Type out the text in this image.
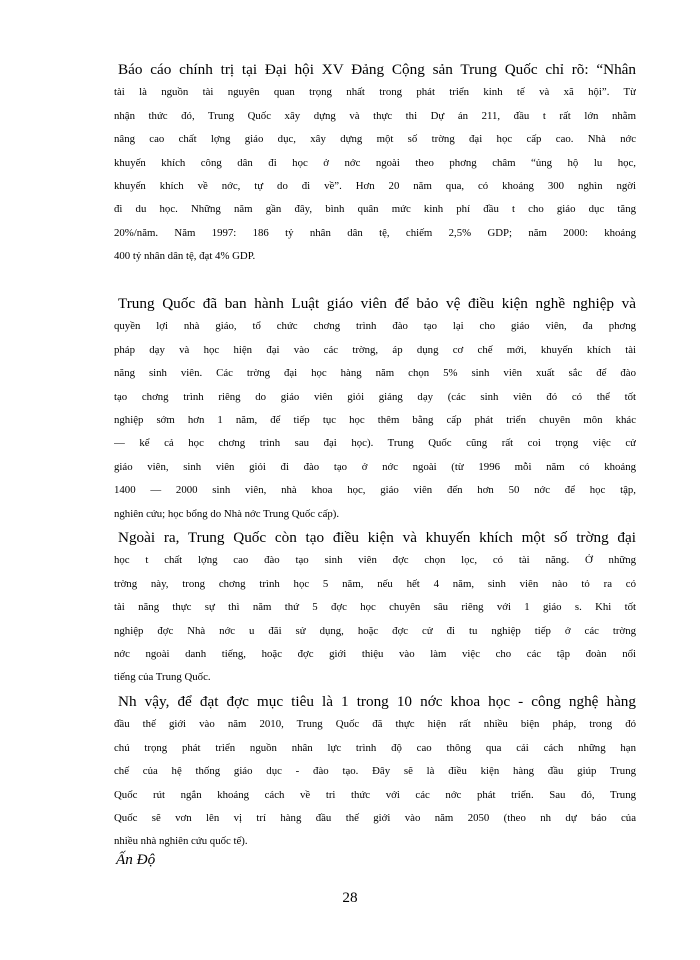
Báo cáo chính trị tại Đại hội XV Đảng Cộng sản Trung Quốc chỉ rõ: “Nhân
tài là nguồn tài nguyên quan trọng nhất trong phát triển kinh tế và xã hội”. Từ
nhận thức đó, Trung Quốc xây dựng và thực thi Dự án 211, đầu t rất lớn nhằm
nâng cao chất lợng giáo dục, xây dựng một số trờng đại học cấp cao. Nhà nớc
khuyến khích công dân đi học ở nớc ngoài theo phơng châm “ủng hộ lu học,
khuyến khích về nớc, tự do đi về”. Hơn 20 năm qua, có khoảng 300 nghìn ngời
đi du học. Những năm gần đây, bình quân mức kinh phí đầu t cho giáo dục tăng
20%/năm. Năm 1997: 186 tỷ nhân dân tệ, chiếm 2,5% GDP; năm 2000: khoảng
400 tỷ nhân dân tệ, đạt 4% GDP.
Trung Quốc đã ban hành Luật giáo viên để bảo vệ điều kiện nghề nghiệp và
quyền lợi nhà giáo, tổ chức chơng trình đào tạo lại cho giáo viên, đa phơng
pháp dạy và học hiện đại vào các trờng, áp dụng cơ chế mới, khuyến khích tài
năng sinh viên. Các trờng đại học hàng năm chọn 5% sinh viên xuất sắc để đào
tạo chơng trình riêng do giáo viên giỏi giảng dạy (các sinh viên đó có thể tốt
nghiệp sớm hơn 1 năm, để tiếp tục học thêm bằng cấp phát triển chuyên môn khác
— kể cả học chơng trình sau đại học). Trung Quốc cũng rất coi trọng việc cử
giáo viên, sinh viên giỏi đi đào tạo ở nớc ngoài (từ 1996 mỗi năm có khoảng
1400 — 2000 sinh viên, nhà khoa học, giáo viên đến hơn 50 nớc để học tập,
nghiên cứu; học bổng do Nhà nớc Trung Quốc cấp).
Ngoài ra, Trung Quốc còn tạo điều kiện và khuyến khích một số trờng đại
học t chất lợng cao đào tạo sinh viên đợc chọn lọc, có tài năng. Ở những
trờng này, trong chơng trình học 5 năm, nếu hết 4 năm, sinh viên nào tỏ ra có
tài năng thực sự thì năm thứ 5 đợc học chuyên sâu riêng với 1 giáo s. Khi tốt
nghiệp đợc Nhà nớc u đãi sử dụng, hoặc đợc cử đi tu nghiệp tiếp ở các trờng
nớc ngoài danh tiếng, hoặc đợc giới thiệu vào làm việc cho các tập đoàn nổi
tiếng của Trung Quốc.
Nh vậy, để đạt đợc mục tiêu là 1 trong 10 nớc khoa học - công nghệ hàng
đầu thế giới vào năm 2010, Trung Quốc đã thực hiện rất nhiều biện pháp, trong đó
chú trọng phát triển nguồn nhân lực trình độ cao thông qua cải cách những hạn
chế của hệ thống giáo dục - đào tạo. Đây sẽ là điều kiện hàng đầu giúp Trung
Quốc rút ngắn khoảng cách về tri thức với các nớc phát triển. Sau đó, Trung
Quốc sẽ vơn lên vị trí hàng đầu thế giới vào năm 2050 (theo nh dự báo của
nhiều nhà nghiên cứu quốc tế).

Ấn Độ

28
